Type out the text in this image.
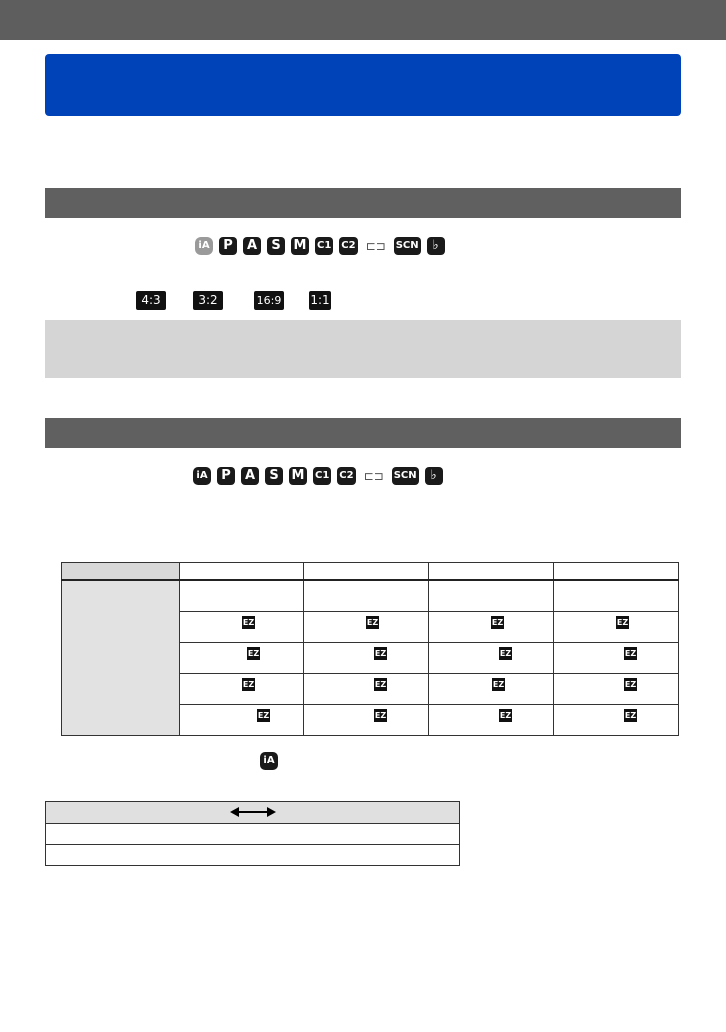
iA	P	A	S M C1 C2 ⊏⊐ SCN	♭
4:3	3:2	16:9 1:1
iA	P	A	S M C1 C2 ⊏⊐ SCN	♭

	EZ	EZ	EZ	EZ

	EZ	EZ	EZ	EZ

	EZ	EZ	EZ	EZ

	EZ	EZ	EZ	EZ
iA
